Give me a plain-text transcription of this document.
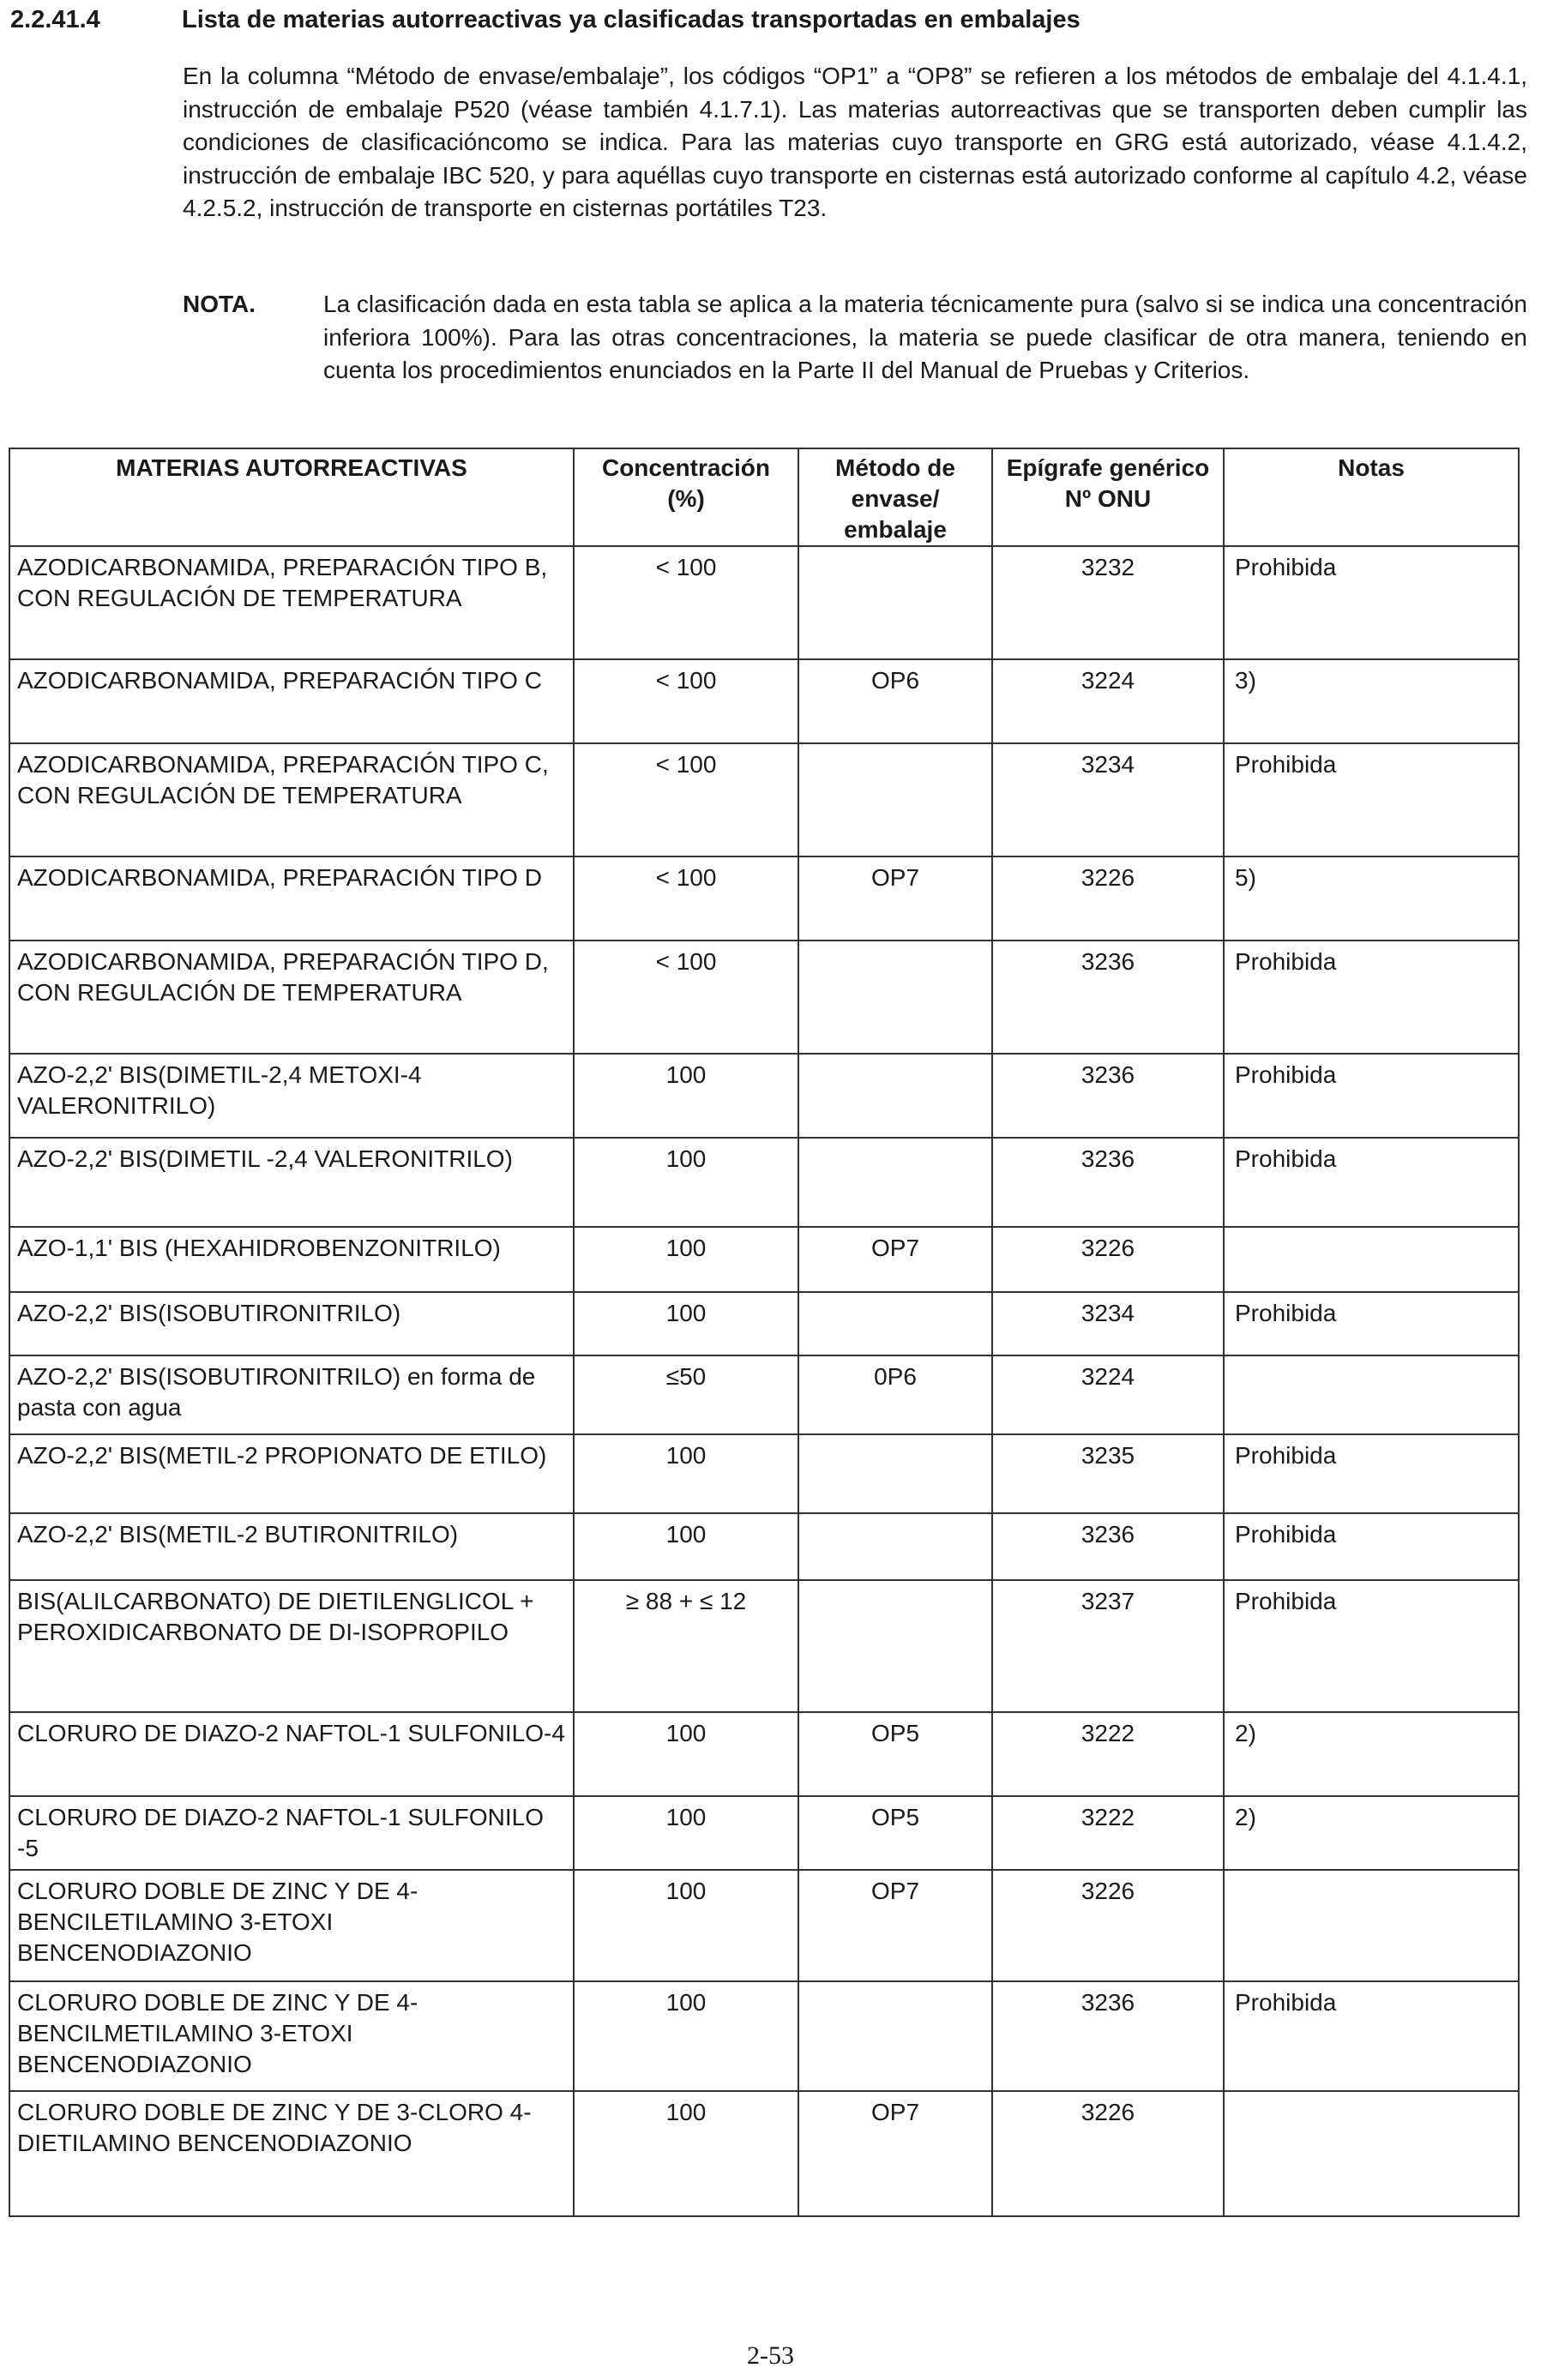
2.2.41.4	Lista de materias autorreactivas ya clasificadas transportadas en embalajes

En la columna “Método de envase/embalaje”, los códigos “OP1” a “OP8” se refieren a los métodos de embalaje del 4.1.4.1, instrucción de embalaje P520 (véase también 4.1.7.1). Las materias autorreactivas que se transporten deben cumplir las condiciones de clasificacióncomo se indica. Para las materias cuyo transporte en GRG está autorizado, véase 4.1.4.2, instrucción de embalaje IBC 520, y para aquéllas cuyo transporte en cisternas está autorizado conforme al capítulo 4.2, véase 4.2.5.2, instrucción de transporte en cisternas portátiles T23.

NOTA.	La clasificación dada en esta tabla se aplica a la materia técnicamente pura (salvo si se indica una concentración inferiora 100%). Para las otras concentraciones, la materia se puede clasificar de otra manera, teniendo en cuenta los procedimientos enunciados en la Parte II del Manual de Pruebas y Criterios.

MATERIAS AUTORREACTIVAS	Concentración (%)	Método de envase/ embalaje	Epígrafe genérico Nº ONU	Notas
AZODICARBONAMIDA, PREPARACIÓN TIPO B, CON REGULACIÓN DE TEMPERATURA	< 100		3232	Prohibida
AZODICARBONAMIDA, PREPARACIÓN TIPO C	< 100	OP6	3224	3)
AZODICARBONAMIDA, PREPARACIÓN TIPO C, CON REGULACIÓN DE TEMPERATURA	< 100		3234	Prohibida
AZODICARBONAMIDA, PREPARACIÓN TIPO D	< 100	OP7	3226	5)
AZODICARBONAMIDA, PREPARACIÓN TIPO D, CON REGULACIÓN DE TEMPERATURA	< 100		3236	Prohibida
AZO-2,2' BIS(DIMETIL-2,4 METOXI-4 VALERONITRILO)	100		3236	Prohibida
AZO-2,2' BIS(DIMETIL -2,4 VALERONITRILO)	100		3236	Prohibida
AZO-1,1' BIS (HEXAHIDROBENZONITRILO)	100	OP7	3226	
AZO-2,2' BIS(ISOBUTIRONITRILO)	100		3234	Prohibida
AZO-2,2' BIS(ISOBUTIRONITRILO) en forma de pasta con agua	≤50	0P6	3224	
AZO-2,2' BIS(METIL-2 PROPIONATO DE ETILO)	100		3235	Prohibida
AZO-2,2' BIS(METIL-2 BUTIRONITRILO)	100		3236	Prohibida
BIS(ALILCARBONATO) DE DIETILENGLICOL + PEROXIDICARBONATO DE DI-ISOPROPILO	≥ 88 + ≤ 12		3237	Prohibida
CLORURO DE DIAZO-2 NAFTOL-1 SULFONILO-4	100	OP5	3222	2)
CLORURO DE DIAZO-2 NAFTOL-1 SULFONILO -5	100	OP5	3222	2)
CLORURO DOBLE DE ZINC Y DE 4-BENCILETILAMINO 3-ETOXI BENCENODIAZONIO	100	OP7	3226	
CLORURO DOBLE DE ZINC Y DE 4-BENCILMETILAMINO 3-ETOXI BENCENODIAZONIO	100		3236	Prohibida
CLORURO DOBLE DE ZINC Y DE 3-CLORO 4-DIETILAMINO BENCENODIAZONIO	100	OP7	3226	
2-53
